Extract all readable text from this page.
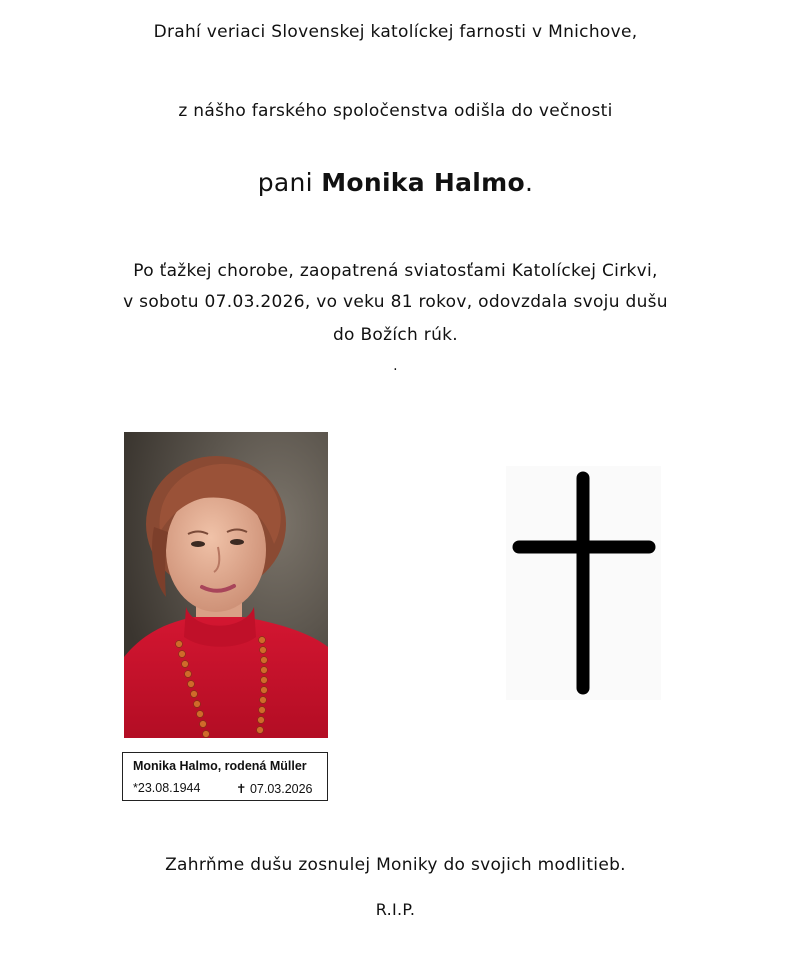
Drahí veriaci Slovenskej katolíckej farnosti v Mnichove,
z nášho farského spoločenstva odišla do večnosti
pani Monika Halmo.
Po ťažkej chorobe, zaopatrená sviatosťami Katolíckej Cirkvi,
v sobotu 07.03.2026, vo veku 81 rokov, odovzdala svoju dušu
do Božích rúk.
.
Monika Halmo, rodená Müller
*23.08.1944	✝ 07.03.2026
Zahrňme dušu zosnulej Moniky do svojich modlitieb.
R.I.P.
